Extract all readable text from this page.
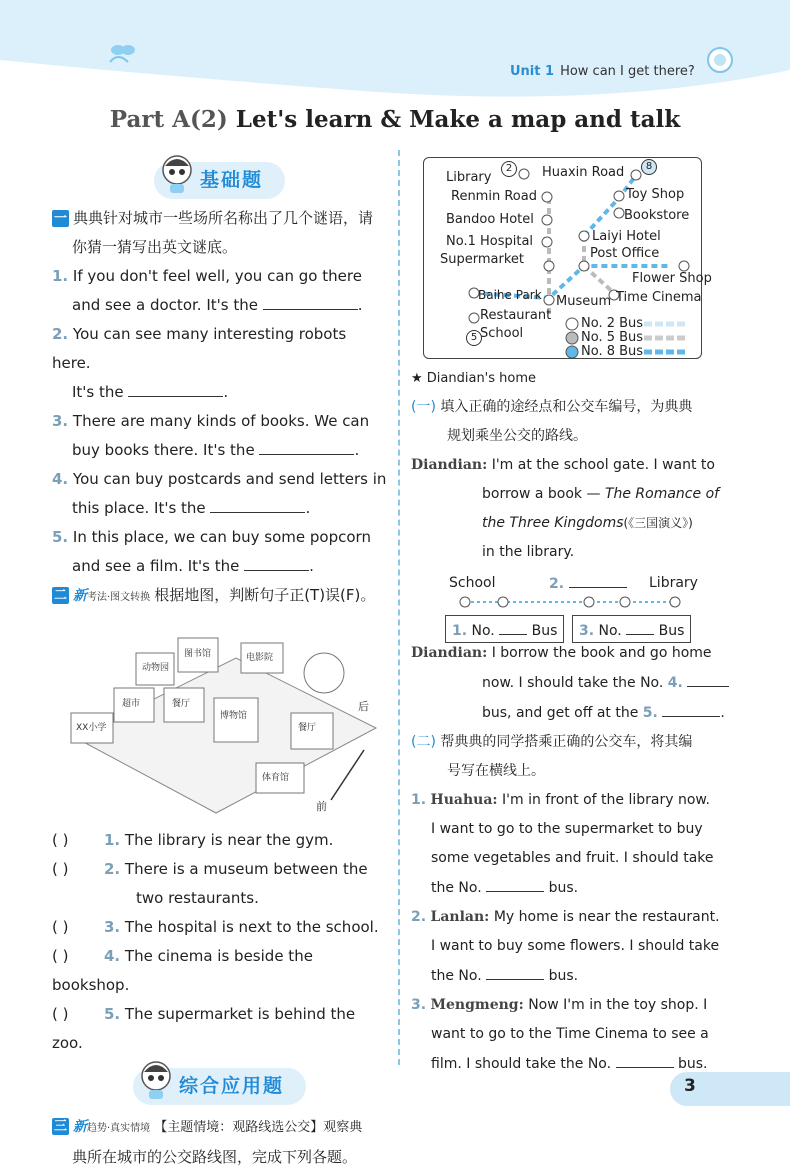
Unit 1 How can I get there?
Part A(2) Let's learn & Make a map and talk
基础题
一 典典针对城市一些场所名称出了几个谜语，请
你猜一猜写出英文谜底。
1. If you don't feel well, you can go there
and see a doctor. It's the	.
2. You can see many interesting robots here.
It's the	.
3. There are many kinds of books. We can
buy books there. It's the	.
4. You can buy postcards and send letters in
this place. It's the	.
5. In this place, we can buy some popcorn
and see a film. It's the	.
二 新考法·图文转换 根据地图，判断句子正(T)误(F)。
动物园
图书馆	电影院
超市	餐厅
博物馆
餐厅
XX小学
体育馆
后
前
( ) 1. The library is near the gym.
( ) 2. There is a museum between the
two restaurants.
( ) 3. The hospital is next to the school.
( ) 4. The cinema is beside the bookshop.
( ) 5. The supermarket is behind the zoo.
综合应用题
三 新趋势·真实情境 【主题情境：观路线选公交】观察典
典所在城市的公交路线图，完成下列各题。
Library
2	Huaxin Road	8
Renmin Road	Toy Shop
Bandoo Hotel	Bookstore
No.1 Hospital	Laiyi Hotel
Supermarket	Post Office
Flower Shop
Baihe Park Museum Time Cinema
Restaurant
School
5
No. 2 Bus
No. 5 Bus
No. 8 Bus
★ Diandian's home
(一) 填入正确的途经点和公交车编号，为典典
规划乘坐公交的路线。
Diandian: I'm at the school gate. I want to
borrow a book — The Romance of
the Three Kingdoms(《三国演义》)
in the library.
School	2.	Library
1. No.	Bus	3. No.	Bus
Diandian: I borrow the book and go home
now. I should take the No. 4.
bus, and get off at the 5.	.
(二) 帮典典的同学搭乘正确的公交车，将其编
号写在横线上。
1. Huahua: I'm in front of the library now.
I want to go to the supermarket to buy
some vegetables and fruit. I should take
the No.	bus.
2. Lanlan: My home is near the restaurant.
I want to buy some flowers. I should take
the No.	bus.
3. Mengmeng: Now I'm in the toy shop. I
want to go to the Time Cinema to see a
film. I should take the No.	bus.
3
